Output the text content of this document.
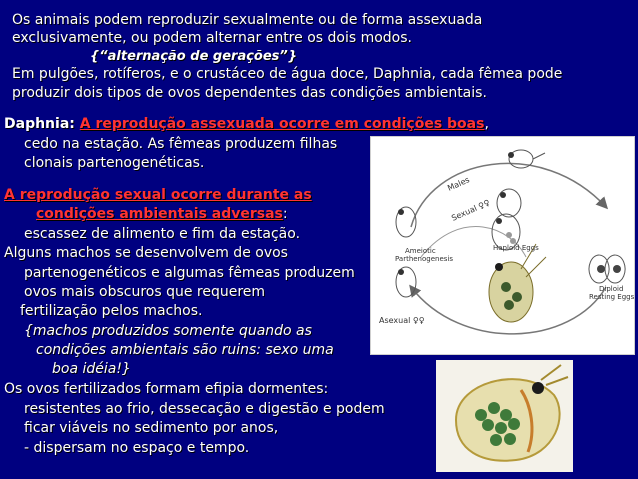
Os animais podem reproduzir sexualmente ou de forma assexuada
exclusivamente, ou podem alternar entre os dois modos.
{“alternação de gerações”}
Em pulgões, rotíferos, e o crustáceo de água doce, Daphnia, cada fêmea pode
produzir dois tipos de ovos dependentes das condições ambientais.
Daphnia: A reprodução assexuada ocorre em condições boas,
cedo na estação. As fêmeas produzem filhas
clonais partenogenéticas.
A reprodução sexual ocorre durante as
condições ambientais adversas:
escassez de alimento e fim da estação.
Alguns machos se desenvolvem de ovos
partenogenéticos e algumas fêmeas produzem
ovos mais obscuros que requerem
fertilização pelos machos.
{machos produzidos somente quando as
condições ambientais são ruins: sexo uma
boa idéia!}
Os ovos fertilizados formam efipia dormentes:
resistentes ao frio, dessecação e digestão e podem
ficar viáveis no sedimento por anos,
- dispersam no espaço e tempo.
Males
Sexual ♀♀
Haploid Eggs
Ameiotic
Parthenogenesis
Diploid
Resting Eggs
Asexual ♀♀
